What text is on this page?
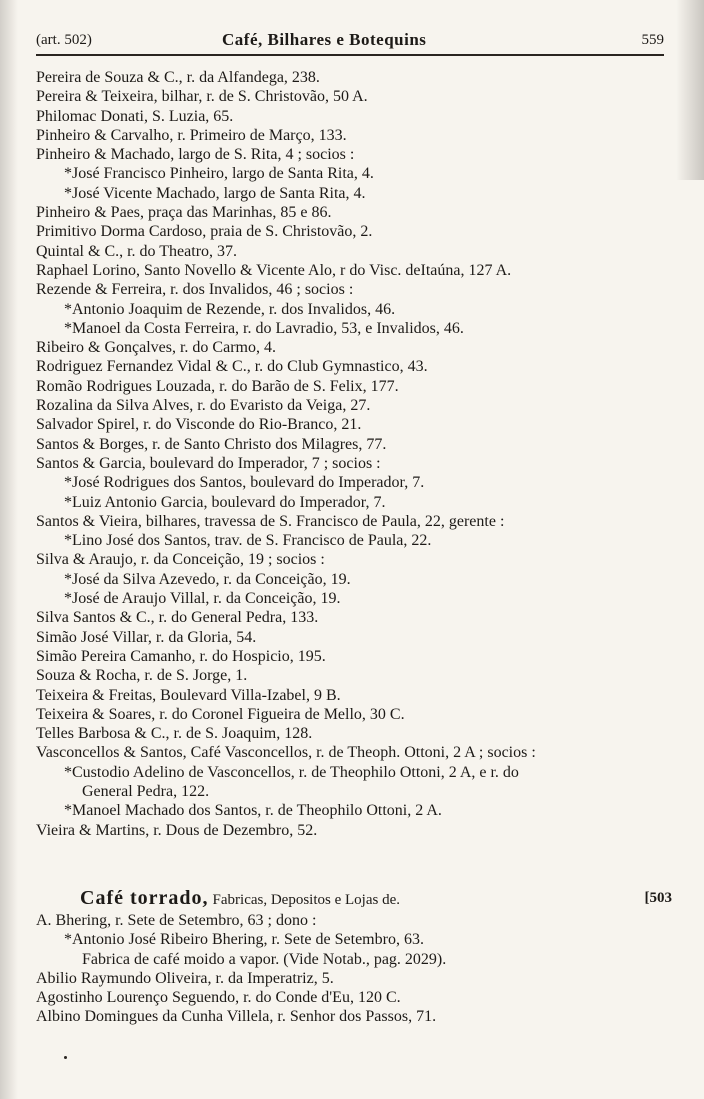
(art. 502)	Café, Bilhares e Botequins	559
Pereira de Souza & C., r. da Alfandega, 238.
Pereira & Teixeira, bilhar, r. de S. Christovão, 50 A.
Philomac Donati, S. Luzia, 65.
Pinheiro & Carvalho, r. Primeiro de Março, 133.
Pinheiro & Machado, largo de S. Rita, 4 ; socios :
*José Francisco Pinheiro, largo de Santa Rita, 4.
*José Vicente Machado, largo de Santa Rita, 4.
Pinheiro & Paes, praça das Marinhas, 85 e 86.
Primitivo Dorma Cardoso, praia de S. Christovão, 2.
Quintal & C., r. do Theatro, 37.
Raphael Lorino, Santo Novello & Vicente Alo, r do Visc. deItaúna, 127 A.
Rezende & Ferreira, r. dos Invalidos, 46 ; socios :
*Antonio Joaquim de Rezende, r. dos Invalidos, 46.
*Manoel da Costa Ferreira, r. do Lavradio, 53, e Invalidos, 46.
Ribeiro & Gonçalves, r. do Carmo, 4.
Rodriguez Fernandez Vidal & C., r. do Club Gymnastico, 43.
Romão Rodrigues Louzada, r. do Barão de S. Felix, 177.
Rozalina da Silva Alves, r. do Evaristo da Veiga, 27.
Salvador Spirel, r. do Visconde do Rio-Branco, 21.
Santos & Borges, r. de Santo Christo dos Milagres, 77.
Santos & Garcia, boulevard do Imperador, 7 ; socios :
*José Rodrigues dos Santos, boulevard do Imperador, 7.
*Luiz Antonio Garcia, boulevard do Imperador, 7.
Santos & Vieira, bilhares, travessa de S. Francisco de Paula, 22, gerente :
*Lino José dos Santos, trav. de S. Francisco de Paula, 22.
Silva & Araujo, r. da Conceição, 19 ; socios :
*José da Silva Azevedo, r. da Conceição, 19.
*José de Araujo Villal, r. da Conceição, 19.
Silva Santos & C., r. do General Pedra, 133.
Simão José Villar, r. da Gloria, 54.
Simão Pereira Camanho, r. do Hospicio, 195.
Souza & Rocha, r. de S. Jorge, 1.
Teixeira & Freitas, Boulevard Villa-Izabel, 9 B.
Teixeira & Soares, r. do Coronel Figueira de Mello, 30 C.
Telles Barbosa & C., r. de S. Joaquim, 128.
Vasconcellos & Santos, Café Vasconcellos, r. de Theoph. Ottoni, 2 A ; socios :
*Custodio Adelino de Vasconcellos, r. de Theophilo Ottoni, 2 A, e r. do
General Pedra, 122.
*Manoel Machado dos Santos, r. de Theophilo Ottoni, 2 A.
Vieira & Martins, r. Dous de Dezembro, 52.
Café torrado, Fabricas, Depositos e Lojas de.	[503
A. Bhering, r. Sete de Setembro, 63 ; dono :
*Antonio José Ribeiro Bhering, r. Sete de Setembro, 63.
Fabrica de café moido a vapor. (Vide Notab., pag. 2029).
Abilio Raymundo Oliveira, r. da Imperatriz, 5.
Agostinho Lourenço Seguendo, r. do Conde d'Eu, 120 C.
Albino Domingues da Cunha Villela, r. Senhor dos Passos, 71.
